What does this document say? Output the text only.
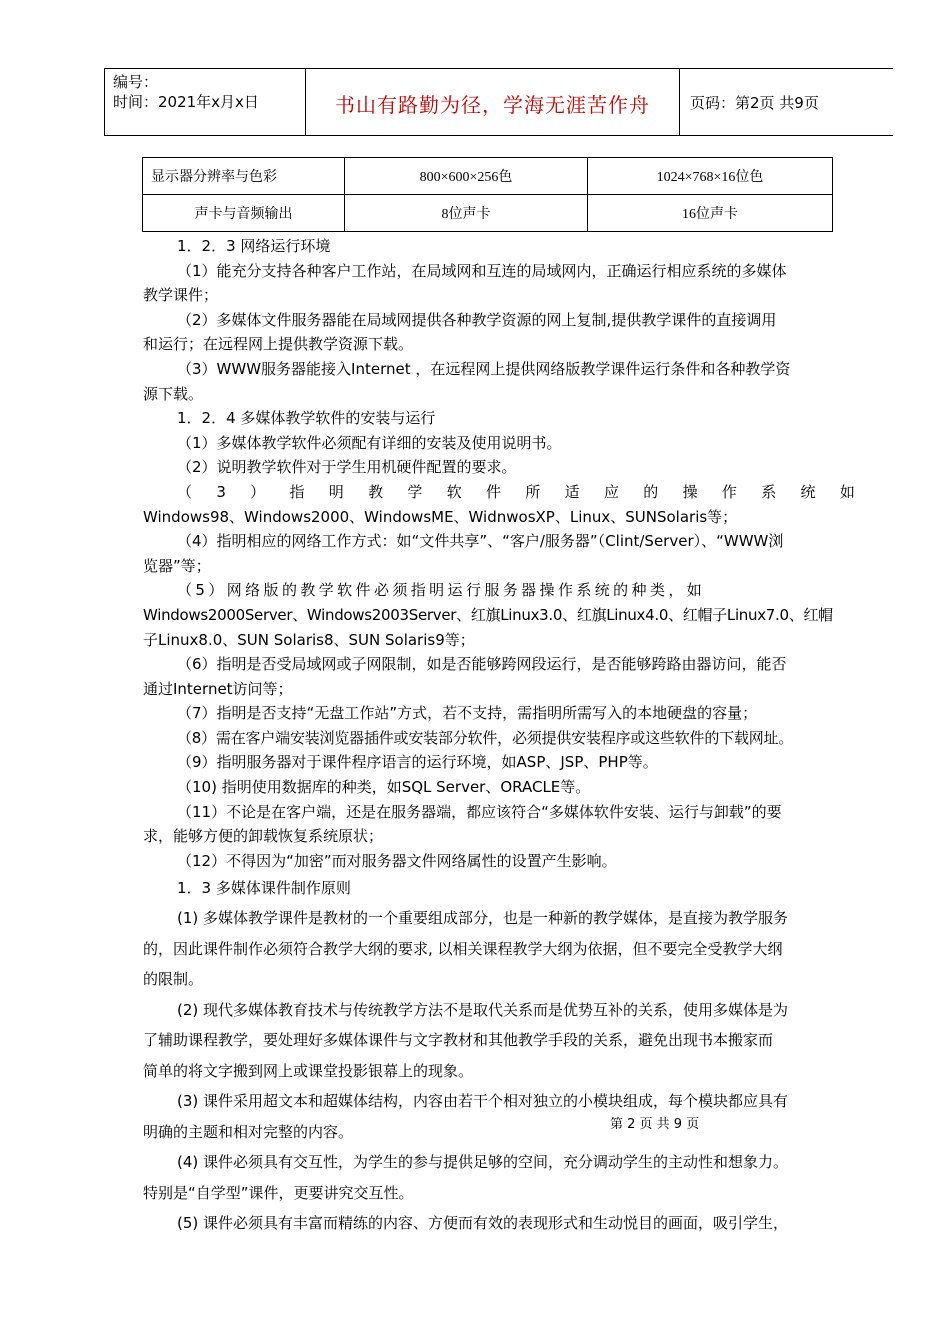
编号：
时间：2021年x月x日	书山有路勤为径，学海无涯苦作舟	页码：第2页 共9页
显示器分辨率与色彩	800×600×256色	1024×768×16位色
声卡与音频输出	8位声卡	16位声卡
1．2．3 网络运行环境
（1）能充分支持各种客户工作站，在局域网和互连的局域网内，正确运行相应系统的多媒体
教学课件；
（2）多媒体文件服务器能在局域网提供各种教学资源的网上复制,提供教学课件的直接调用
和运行；在远程网上提供教学资源下载。
（3）WWW服务器能接入Internet ，在远程网上提供网络版教学课件运行条件和各种教学资
源下载。
1．2．4 多媒体教学软件的安装与运行
（1）多媒体教学软件必须配有详细的安装及使用说明书。
（2）说明教学软件对于学生用机硬件配置的要求。
（ 3 ） 指 明 教 学 软 件 所 适 应 的 操 作 系 统 如
Windows98、Windows2000、WindowsME、WidnwosXP、Linux、SUNSolaris等；
（4）指明相应的网络工作方式：如“文件共享”、“客户/服务器”（Clint/Server）、“WWW浏
览器”等；
（5）网络版的教学软件必须指明运行服务器操作系统的种类，如
Windows2000Server、Windows2003Server、红旗Linux3.0、红旗Linux4.0、红帽子Linux7.0、红帽
子Linux8.0、SUN Solaris8、SUN Solaris9等；
（6）指明是否受局域网或子网限制，如是否能够跨网段运行，是否能够跨路由器访问，能否
通过Internet访问等；
（7）指明是否支持“无盘工作站”方式，若不支持，需指明所需写入的本地硬盘的容量；
（8）需在客户端安装浏览器插件或安装部分软件，必须提供安装程序或这些软件的下载网址。
（9）指明服务器对于课件程序语言的运行环境，如ASP、JSP、PHP等。
（10) 指明使用数据库的种类，如SQL Server、ORACLE等。
（11）不论是在客户端，还是在服务器端，都应该符合“多媒体软件安装、运行与卸载”的要
求，能够方便的卸载恢复系统原状；
（12）不得因为“加密”而对服务器文件网络属性的设置产生影响。
1．3 多媒体课件制作原则
(1) 多媒体教学课件是教材的一个重要组成部分，也是一种新的教学媒体，是直接为教学服务
的，因此课件制作必须符合教学大纲的要求, 以相关课程教学大纲为依据，但不要完全受教学大纲
的限制。
(2) 现代多媒体教育技术与传统教学方法不是取代关系而是优势互补的关系，使用多媒体是为
了辅助课程教学，要处理好多媒体课件与文字教材和其他教学手段的关系，避免出现书本搬家而
简单的将文字搬到网上或课堂投影银幕上的现象。
(3) 课件采用超文本和超媒体结构，内容由若干个相对独立的小模块组成，每个模块都应具有
明确的主题和相对完整的内容。
(4) 课件必须具有交互性，为学生的参与提供足够的空间，充分调动学生的主动性和想象力。
特别是“自学型”课件，更要讲究交互性。
(5) 课件必须具有丰富而精练的内容、方便而有效的表现形式和生动悦目的画面，吸引学生，
第 2 页 共 9 页
